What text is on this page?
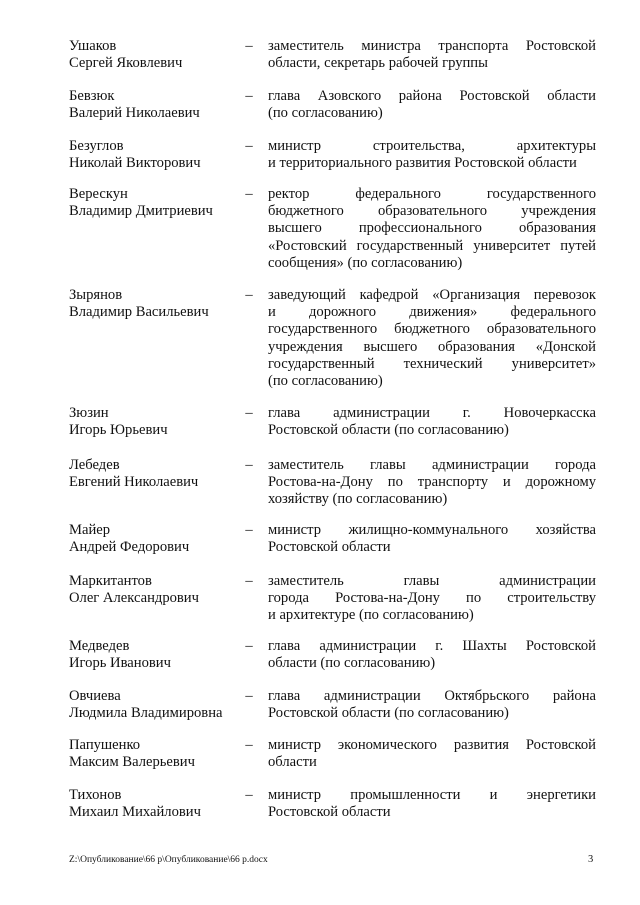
Ушаков
Сергей Яковлевич
– заместитель министра транспорта Ростовской
области, секретарь рабочей группы
Бевзюк
Валерий Николаевич
– глава Азовского района Ростовской области
(по согласованию)
Безуглов
Николай Викторович
– министр строительства, архитектуры
и территориального развития Ростовской области
Верескун
Владимир Дмитриевич
– ректор федерального государственного
бюджетного образовательного учреждения
высшего профессионального образования
«Ростовский государственный университет путей
сообщения» (по согласованию)
Зырянов
Владимир Васильевич
– заведующий кафедрой «Организация перевозок
и дорожного движения» федерального
государственного бюджетного образовательного
учреждения высшего образования «Донской
государственный технический университет»
(по согласованию)
Зюзин
Игорь Юрьевич
– глава администрации г. Новочеркасска
Ростовской области (по согласованию)
Лебедев
Евгений Николаевич
– заместитель главы администрации города
Ростова-на-Дону по транспорту и дорожному
хозяйству (по согласованию)
Майер
Андрей Федорович
– министр жилищно-коммунального хозяйства
Ростовской области
Маркитантов
Олег Александрович
– заместитель главы администрации
города Ростова-на-Дону по строительству
и архитектуре (по согласованию)
Медведев
Игорь Иванович
– глава администрации г. Шахты Ростовской
области (по согласованию)
Овчиева
Людмила Владимировна
– глава администрации Октябрьского района
Ростовской области (по согласованию)
Папушенко
Максим Валерьевич
– министр экономического развития Ростовской
области
Тихонов
Михаил Михайлович
– министр промышленности и энергетики
Ростовской области
Z:\Опубликование\66 р\Опубликование\66 р.docx	3
